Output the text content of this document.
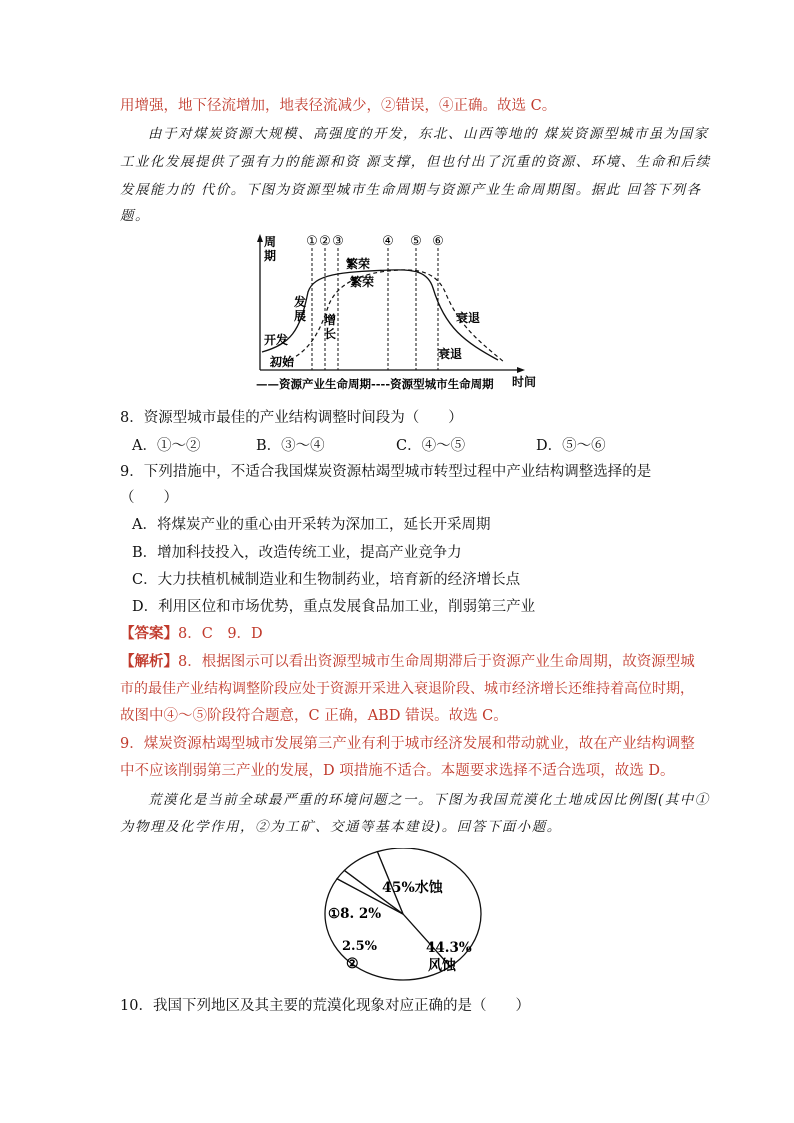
用增强，地下径流增加，地表径流减少，②错误，④正确。故选 C。
由于对煤炭资源大规模、高强度的开发，东北、山西等地的 煤炭资源型城市虽为国家
工业化发展提供了强有力的能源和资 源支撑，但也付出了沉重的资源、环境、生命和后续
发展能力的 代价。下图为资源型城市生命周期与资源产业生命周期图。据此 回答下列各
题。
周
期
时间
① ② ③	④ ⑤ ⑥
开发
发
展
繁荣
衰退
初始
增
长
繁荣
衰退
——资源产业生命周期----资源型城市生命周期
8．资源型城市最佳的产业结构调整时间段为（　　）
A．①～②	B．③～④	C．④～⑤	D．⑤～⑥
9．下列措施中，不适合我国煤炭资源枯竭型城市转型过程中产业结构调整选择的是
（　　）
A．将煤炭产业的重心由开采转为深加工，延长开采周期
B．增加科技投入，改造传统工业，提高产业竞争力
C．大力扶植机械制造业和生物制药业，培育新的经济增长点
D．利用区位和市场优势，重点发展食品加工业，削弱第三产业
【答案】8．C　9．D
【解析】8．根据图示可以看出资源型城市生命周期滞后于资源产业生命周期，故资源型城
市的最佳产业结构调整阶段应处于资源开采进入衰退阶段、城市经济增长还维持着高位时期，
故图中④～⑤阶段符合题意，C 正确，ABD 错误。故选 C。
9．煤炭资源枯竭型城市发展第三产业有利于城市经济发展和带动就业，故在产业结构调整
中不应该削弱第三产业的发展，D 项措施不适合。本题要求选择不适合选项，故选 D。
荒漠化是当前全球最严重的环境问题之一。下图为我国荒漠化土地成因比例图(其中①
为物理及化学作用，②为工矿、交通等基本建设)。回答下面小题。
45%水蚀
44.3%
风蚀
2.5%
②
①8. 2%
10．我国下列地区及其主要的荒漠化现象对应正确的是（　　）
